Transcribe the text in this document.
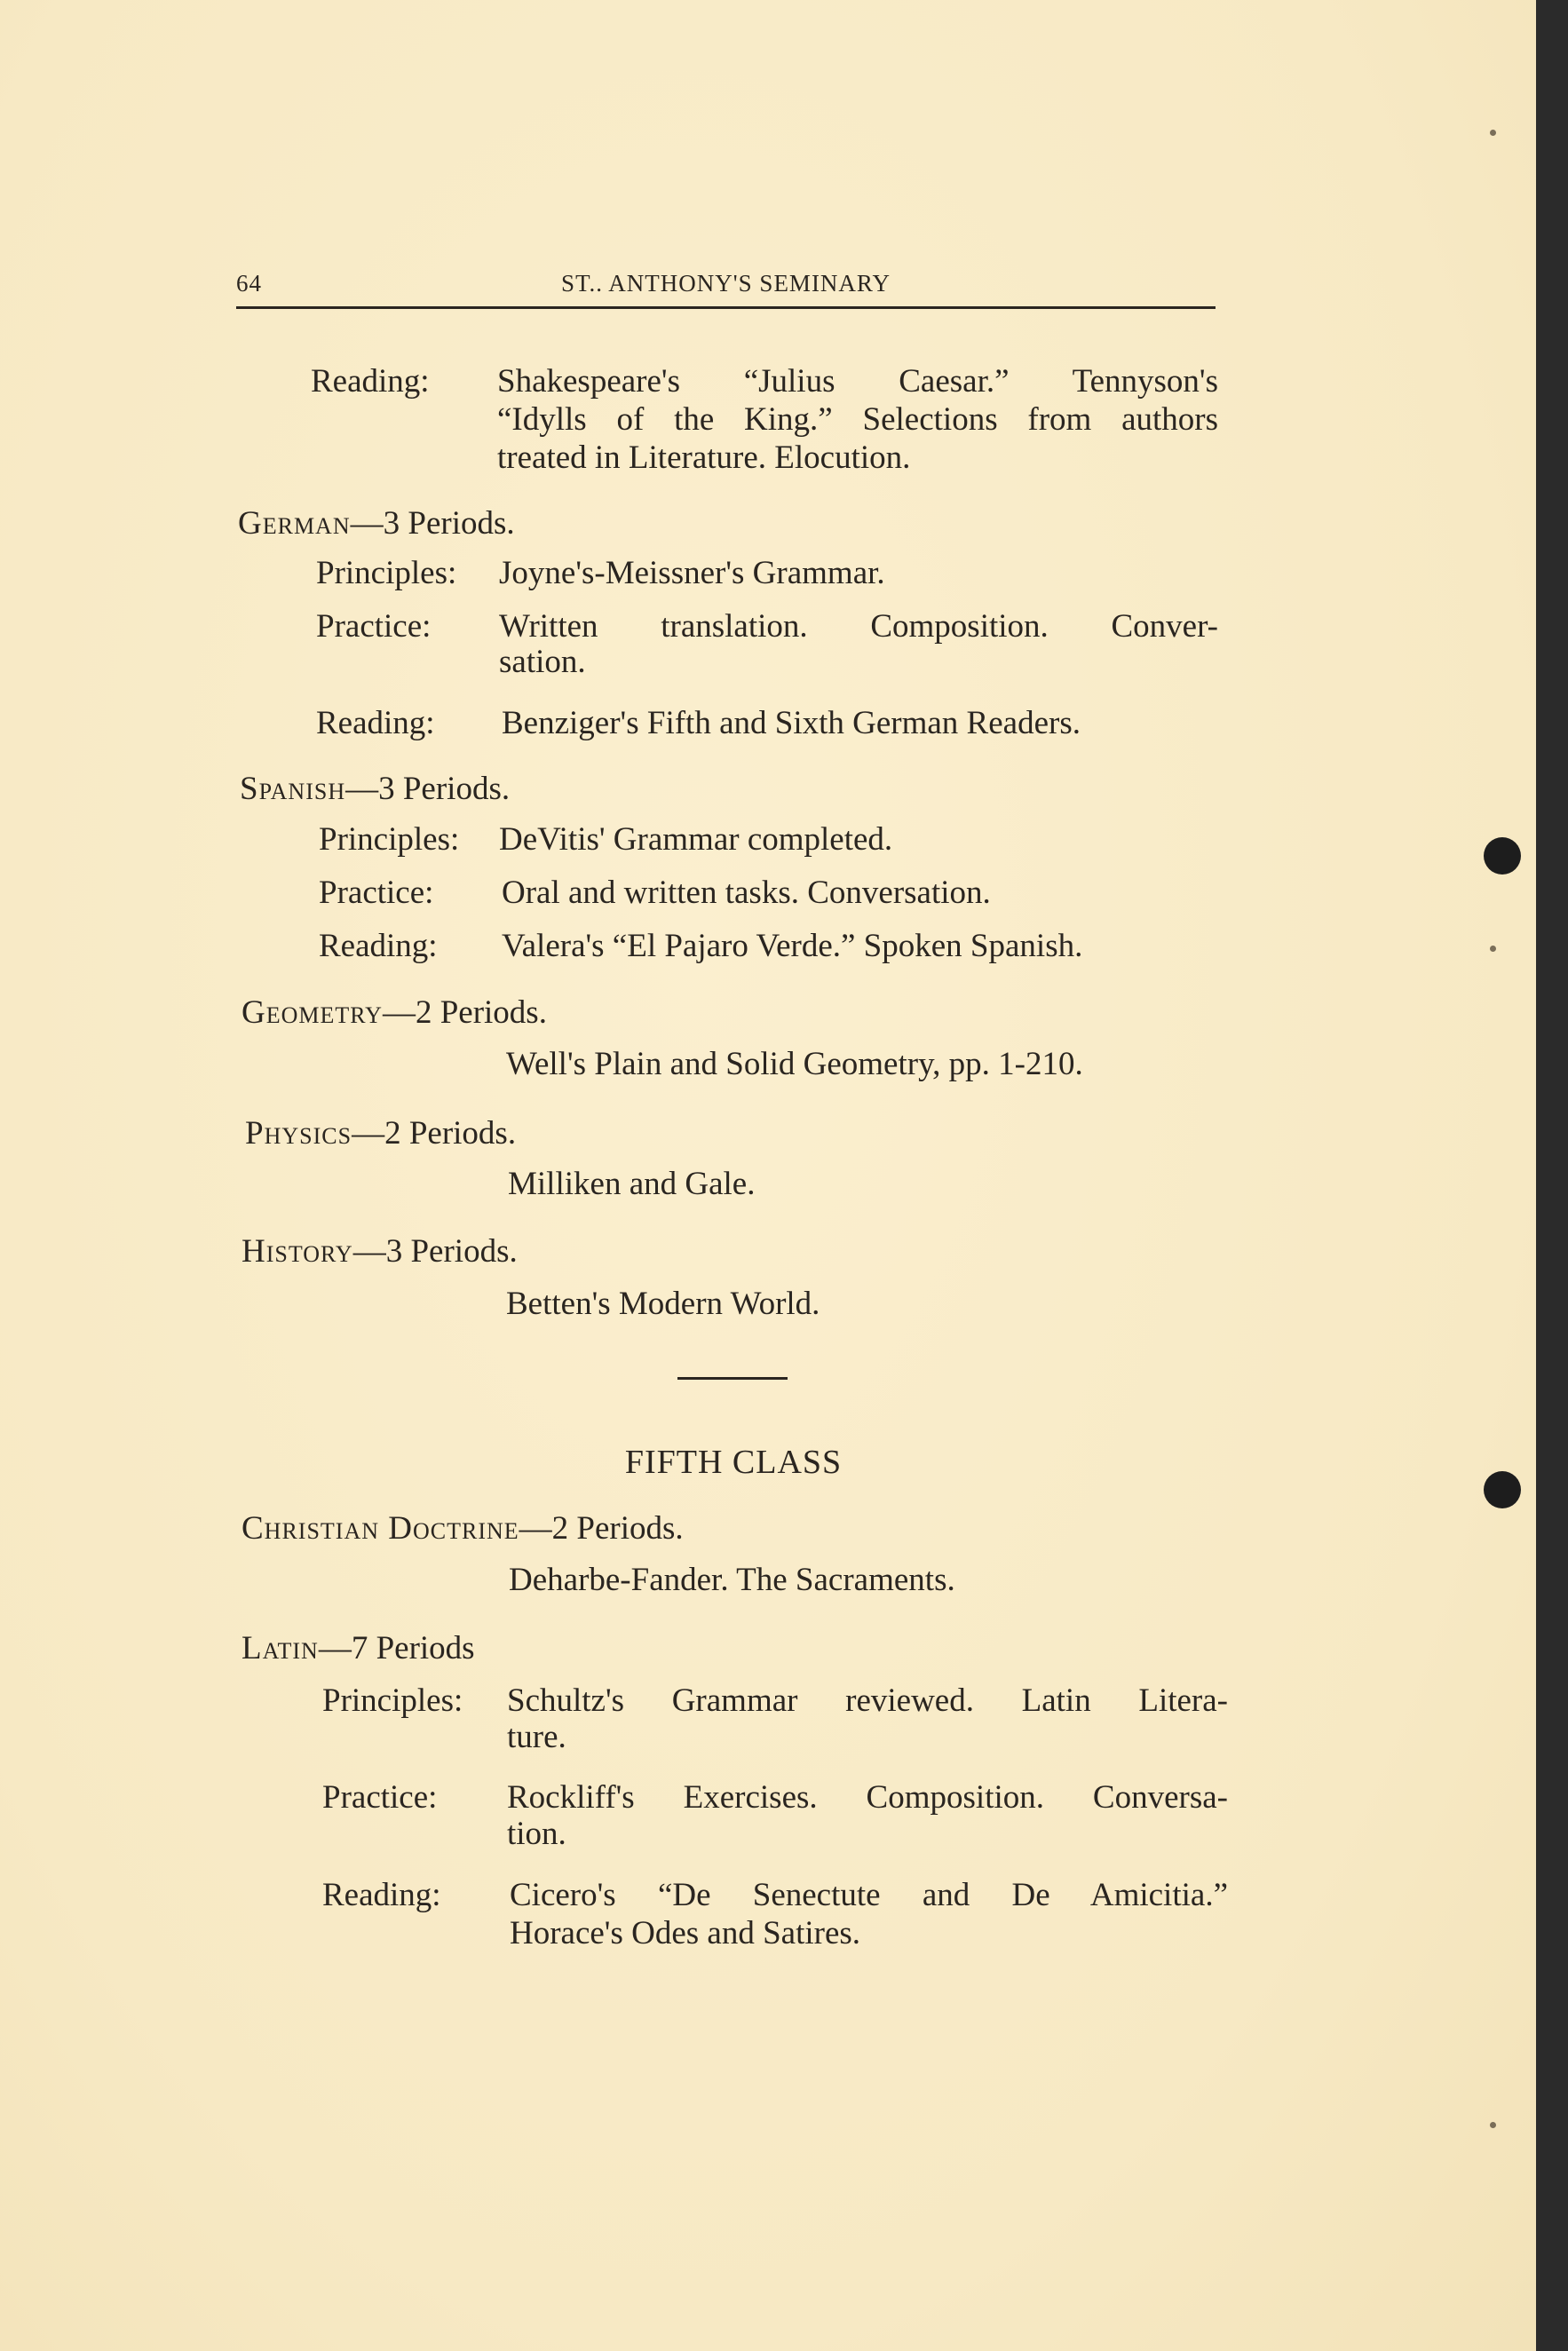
64	ST.. ANTHONY'S SEMINARY
Reading: Shakespeare's “Julius Caesar.” Tennyson's
“Idylls of the King.” Selections from authors
treated in Literature. Elocution.
German—3 Periods.
Principles: Joyne's-Meissner's Grammar.
Practice: Written translation. Composition. Conver-
sation.
Reading: Benziger's Fifth and Sixth German Readers.
Spanish—3 Periods.
Principles: DeVitis' Grammar completed.
Practice: Oral and written tasks. Conversation.
Reading: Valera's “El Pajaro Verde.” Spoken Spanish.
Geometry—2 Periods.
Well's Plain and Solid Geometry, pp. 1-210.
Physics—2 Periods.
Milliken and Gale.
History—3 Periods.
Betten's Modern World.
FIFTH CLASS
Christian Doctrine—2 Periods.
Deharbe-Fander. The Sacraments.
Latin—7 Periods
Principles: Schultz's Grammar reviewed. Latin Litera-
ture.
Practice: Rockliff's Exercises. Composition. Conversa-
tion.
Reading: Cicero's “De Senectute and De Amicitia.”
Horace's Odes and Satires.
